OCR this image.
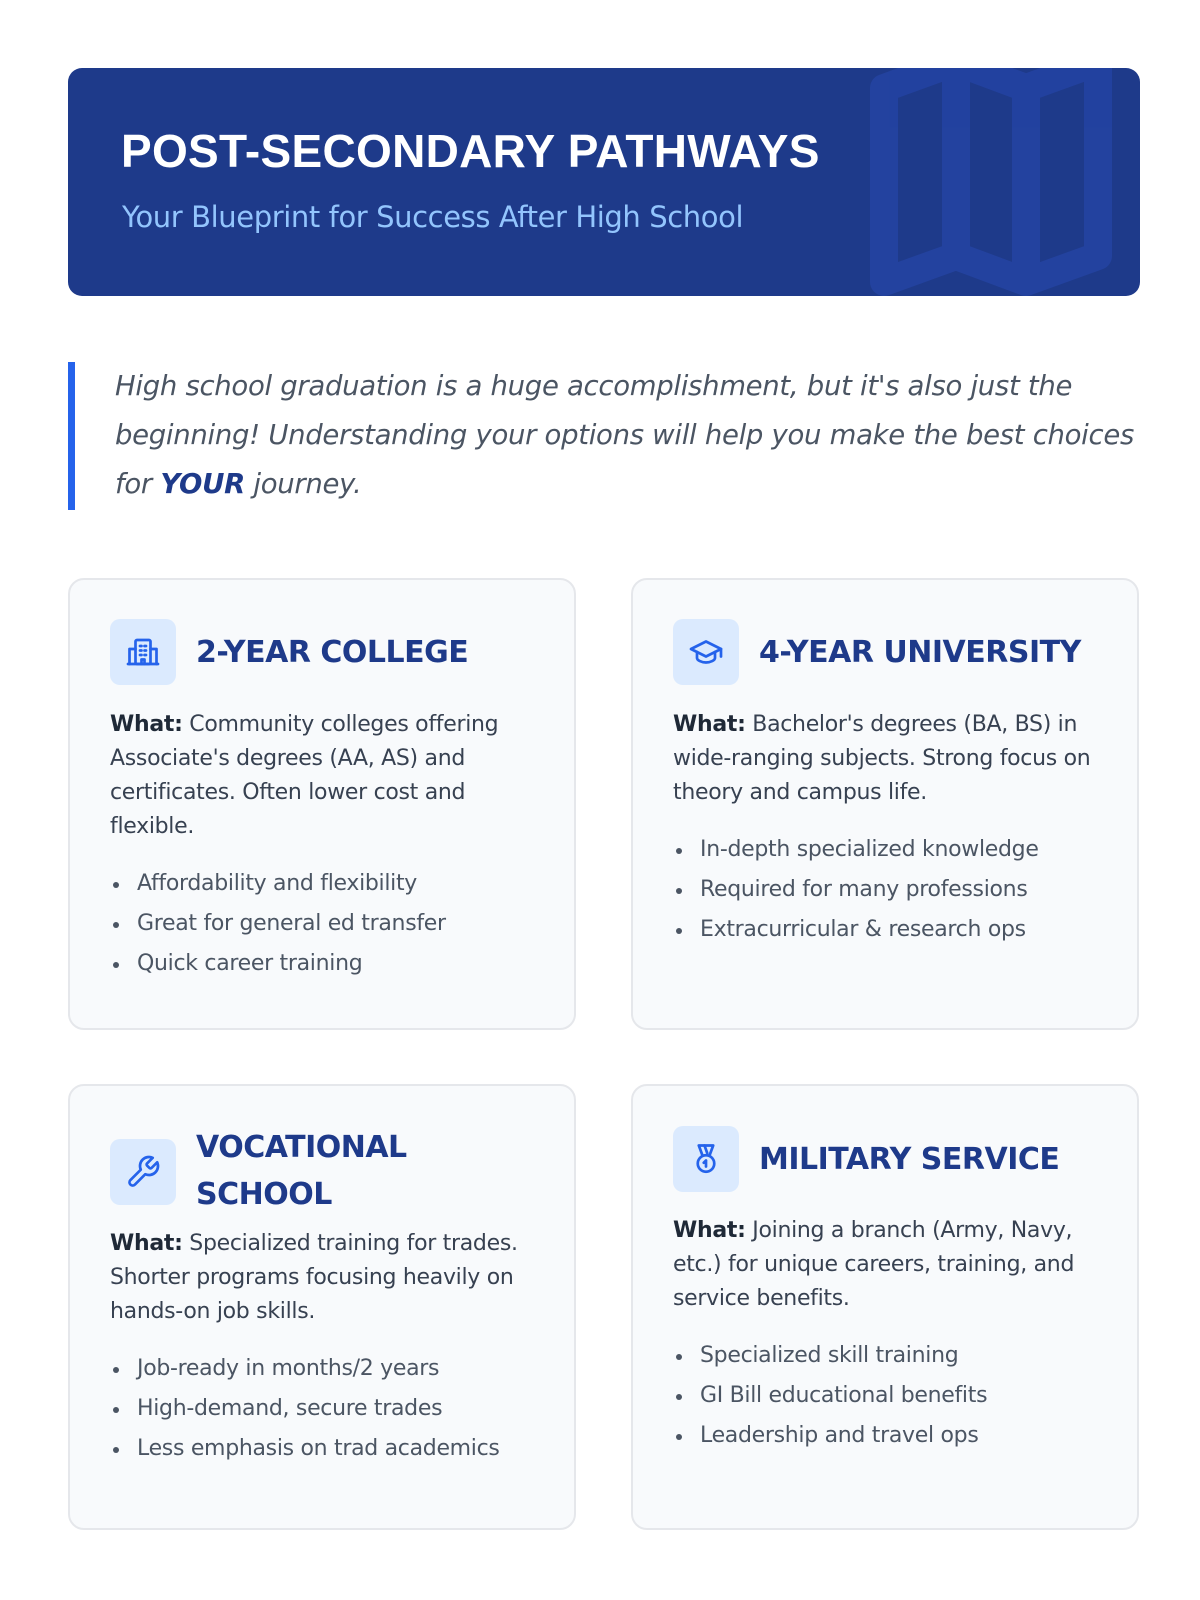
POST-SECONDARY PATHWAYS
Your Blueprint for Success After High School

High school graduation is a huge accomplishment, but it's also just the beginning! Understanding your options will help you make the best choices for YOUR journey.

2-YEAR COLLEGE

What: Community colleges offering Associate's degrees (AA, AS) and certificates. Often lower cost and flexible.

Affordability and flexibility
Great for general ed transfer
Quick career training
4-YEAR UNIVERSITY

What: Bachelor's degrees (BA, BS) in wide-ranging subjects. Strong focus on theory and campus life.

In-depth specialized knowledge
Required for many professions
Extracurricular & research ops
VOCATIONAL
SCHOOL

What: Specialized training for trades. Shorter programs focusing heavily on hands-on job skills.

Job-ready in months/2 years
High-demand, secure trades
Less emphasis on trad academics
MILITARY SERVICE

What: Joining a branch (Army, Navy, etc.) for unique careers, training, and service benefits.

Specialized skill training
GI Bill educational benefits
Leadership and travel ops
